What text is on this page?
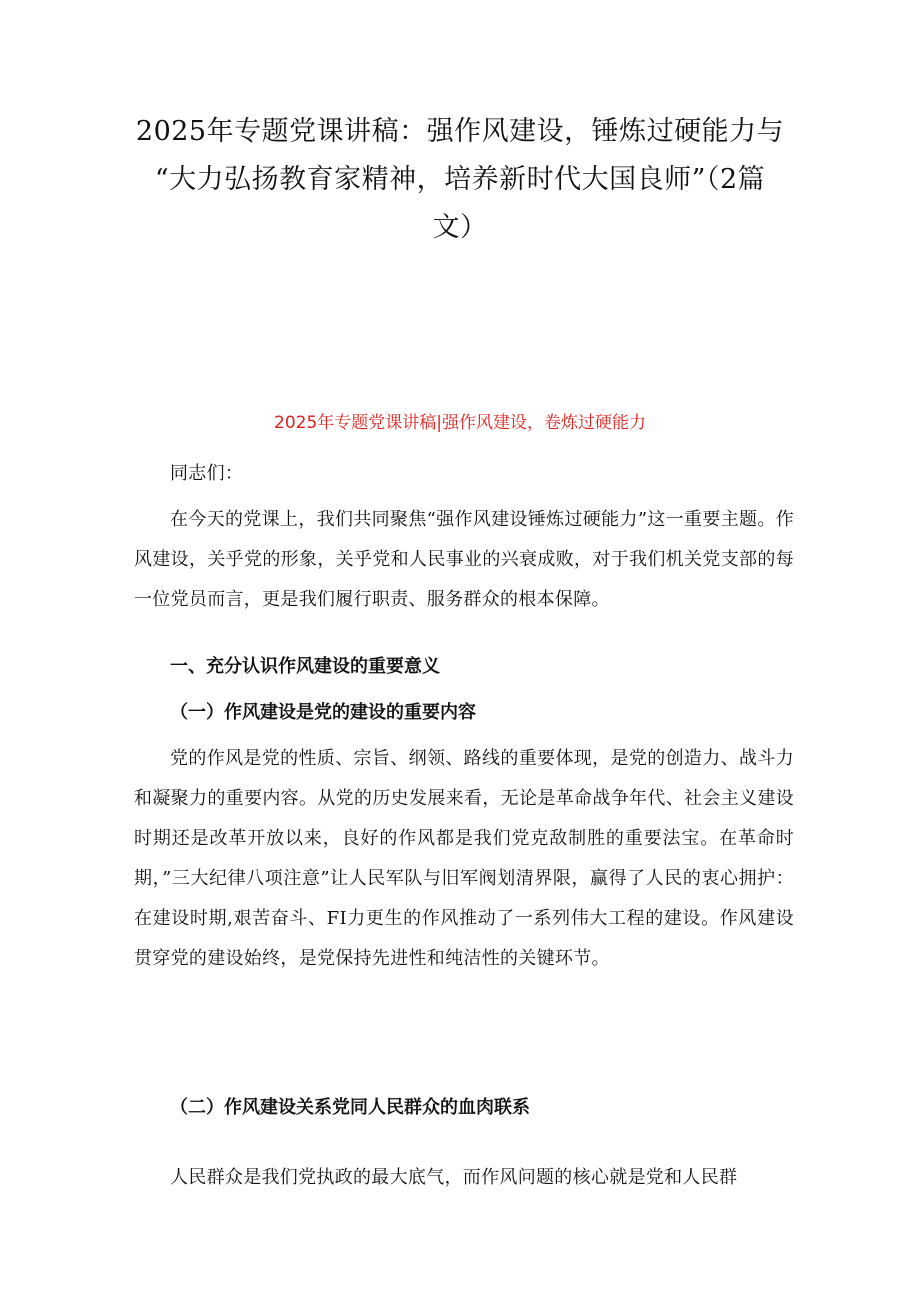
2025年专题党课讲稿：强作风建设，锤炼过硬能力与
“大力弘扬教育家精神，培养新时代大国良师”（2篇
文）
2025年专题党课讲稿|强作风建设，卷炼过硬能力

同志们：

在今天的党课上，我们共同聚焦“强作风建设锤炼过硬能力”这一重要主题。作风建设，关乎党的形象，关乎党和人民事业的兴衰成败，对于我们机关党支部的每一位党员而言，更是我们履行职责、服务群众的根本保障。

一、充分认识作风建设的重要意义
（一）作风建设是党的建设的重要内容

党的作风是党的性质、宗旨、纲领、路线的重要体现，是党的创造力、战斗力和凝聚力的重要内容。从党的历史发展来看，无论是革命战争年代、社会主义建设时期还是改革开放以来，良好的作风都是我们党克敌制胜的重要法宝。在革命时期，”三大纪律八项注意”让人民军队与旧军阀划清界限，赢得了人民的衷心拥护：在建设时期,艰苦奋斗、FI力更生的作风推动了一系列伟大工程的建设。作风建设贯穿党的建设始终，是党保持先进性和纯洁性的关键环节。

（二）作风建设关系党同人民群众的血肉联系

人民群众是我们党执政的最大底气，而作风问题的核心就是党和人民群
